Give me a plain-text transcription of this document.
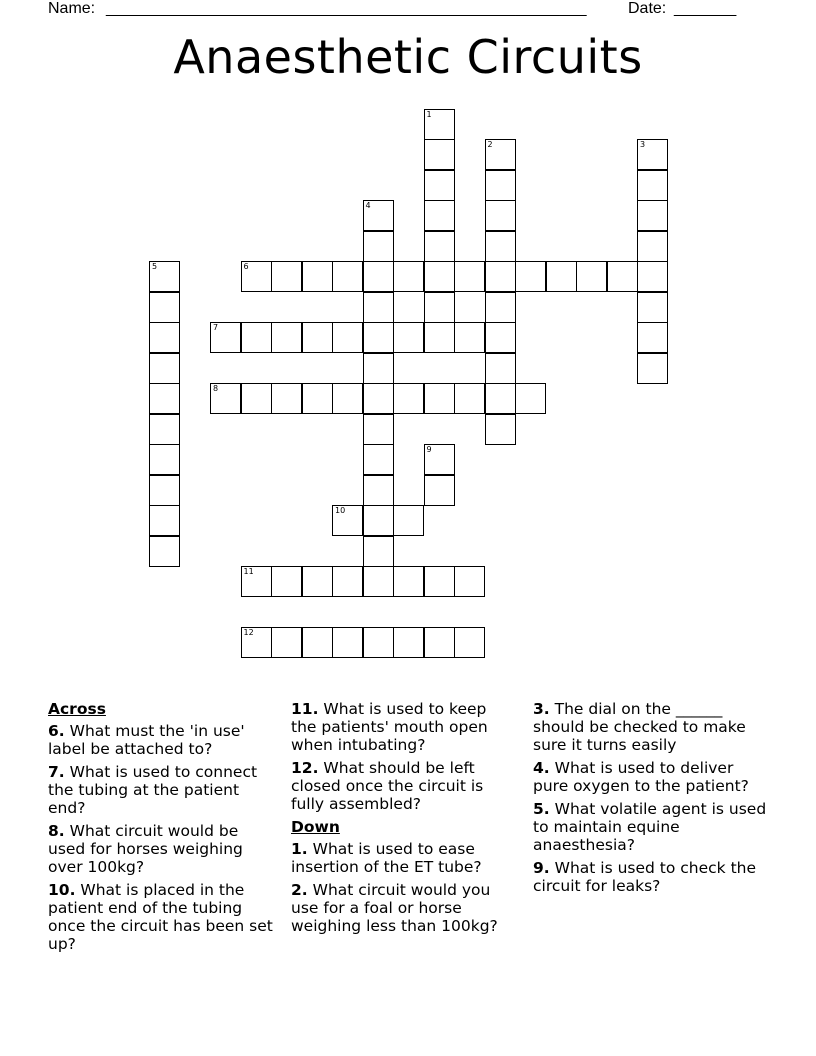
Name: ______________________________________________________	Date: _______
Anaesthetic Circuits
1
2	3
4
5	6
7
8
9
10
11
12
Across
6. What must the 'in use' label be attached to?
7. What is used to connect the tubing at the patient end?
8. What circuit would be used for horses weighing over 100kg?
10. What is placed in the patient end of the tubing once the circuit has been set up?
11. What is used to keep the patients' mouth open when intubating?
12. What should be left closed once the circuit is fully assembled?
Down
1. What is used to ease insertion of the ET tube?
2. What circuit would you use for a foal or horse weighing less than 100kg?
3. The dial on the ______ should be checked to make sure it turns easily
4. What is used to deliver pure oxygen to the patient?
5. What volatile agent is used to maintain equine anaesthesia?
9. What is used to check the circuit for leaks?
